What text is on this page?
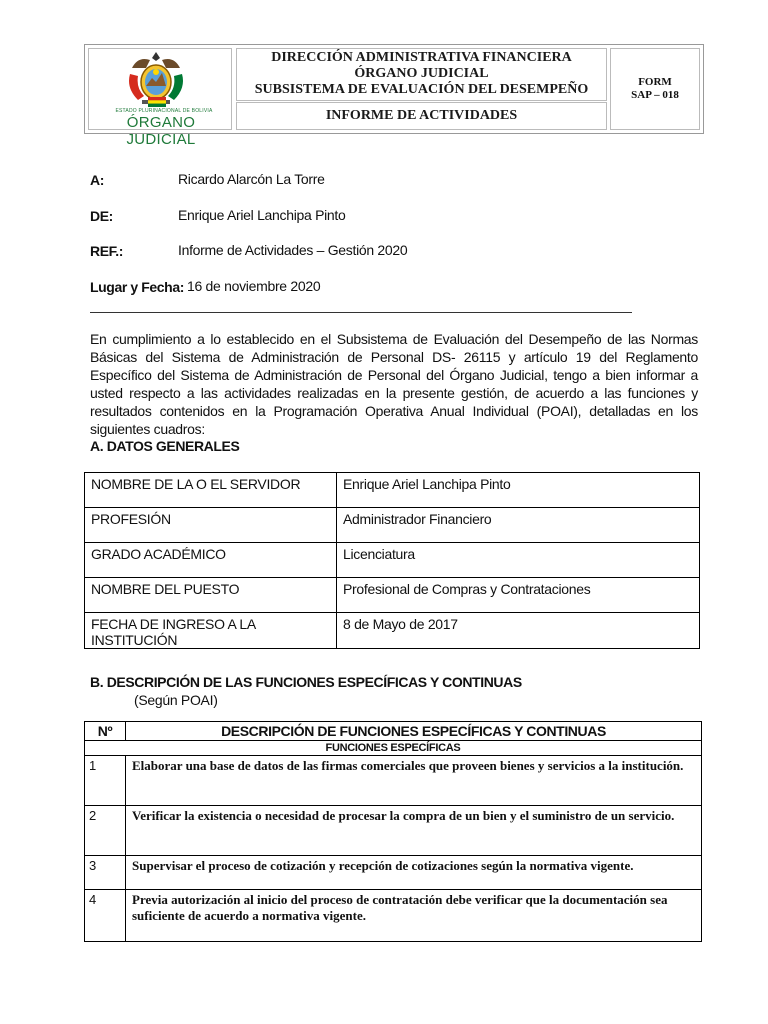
ESTADO PLURINACIONAL DE BOLIVIA
ÓRGANO JUDICIAL
DIRECCIÓN ADMINISTRATIVA FINANCIERA
ÓRGANO JUDICIAL
SUBSISTEMA DE EVALUACIÓN DEL DESEMPEÑO
INFORME DE ACTIVIDADES
FORM
SAP – 018
A:	Ricardo Alarcón La Torre
DE:	Enrique Ariel Lanchipa Pinto
REF.:	Informe de Actividades – Gestión 2020
Lugar y Fecha: 16 de noviembre 2020
En cumplimiento a lo establecido en el Subsistema de Evaluación del Desempeño de las Normas Básicas del Sistema de Administración de Personal DS- 26115 y artículo 19 del Reglamento Específico del Sistema de Administración de Personal del Órgano Judicial, tengo a bien informar a usted respecto a las actividades realizadas en la presente gestión, de acuerdo a las funciones y resultados contenidos en la Programación Operativa Anual Individual (POAI), detalladas en los siguientes cuadros:
A. DATOS GENERALES
NOMBRE DE LA O EL SERVIDOR	Enrique Ariel Lanchipa Pinto
PROFESIÓN	Administrador Financiero
GRADO ACADÉMICO	Licenciatura
NOMBRE DEL PUESTO	Profesional de Compras y Contrataciones
FECHA DE INGRESO A LA INSTITUCIÓN	8 de Mayo de 2017
B. DESCRIPCIÓN DE LAS FUNCIONES ESPECÍFICAS Y CONTINUAS
(Según POAI)
Nº	DESCRIPCIÓN DE FUNCIONES ESPECÍFICAS Y CONTINUAS
FUNCIONES ESPECÍFICAS	
1	Elaborar una base de datos de las firmas comerciales que proveen bienes y servicios a la institución.
2	Verificar la existencia o necesidad de procesar la compra de un bien y el suministro de un servicio.
3	Supervisar el proceso de cotización y recepción de cotizaciones según la normativa vigente.
4	Previa autorización al inicio del proceso de contratación debe verificar que la documentación sea suficiente de acuerdo a normativa vigente.
